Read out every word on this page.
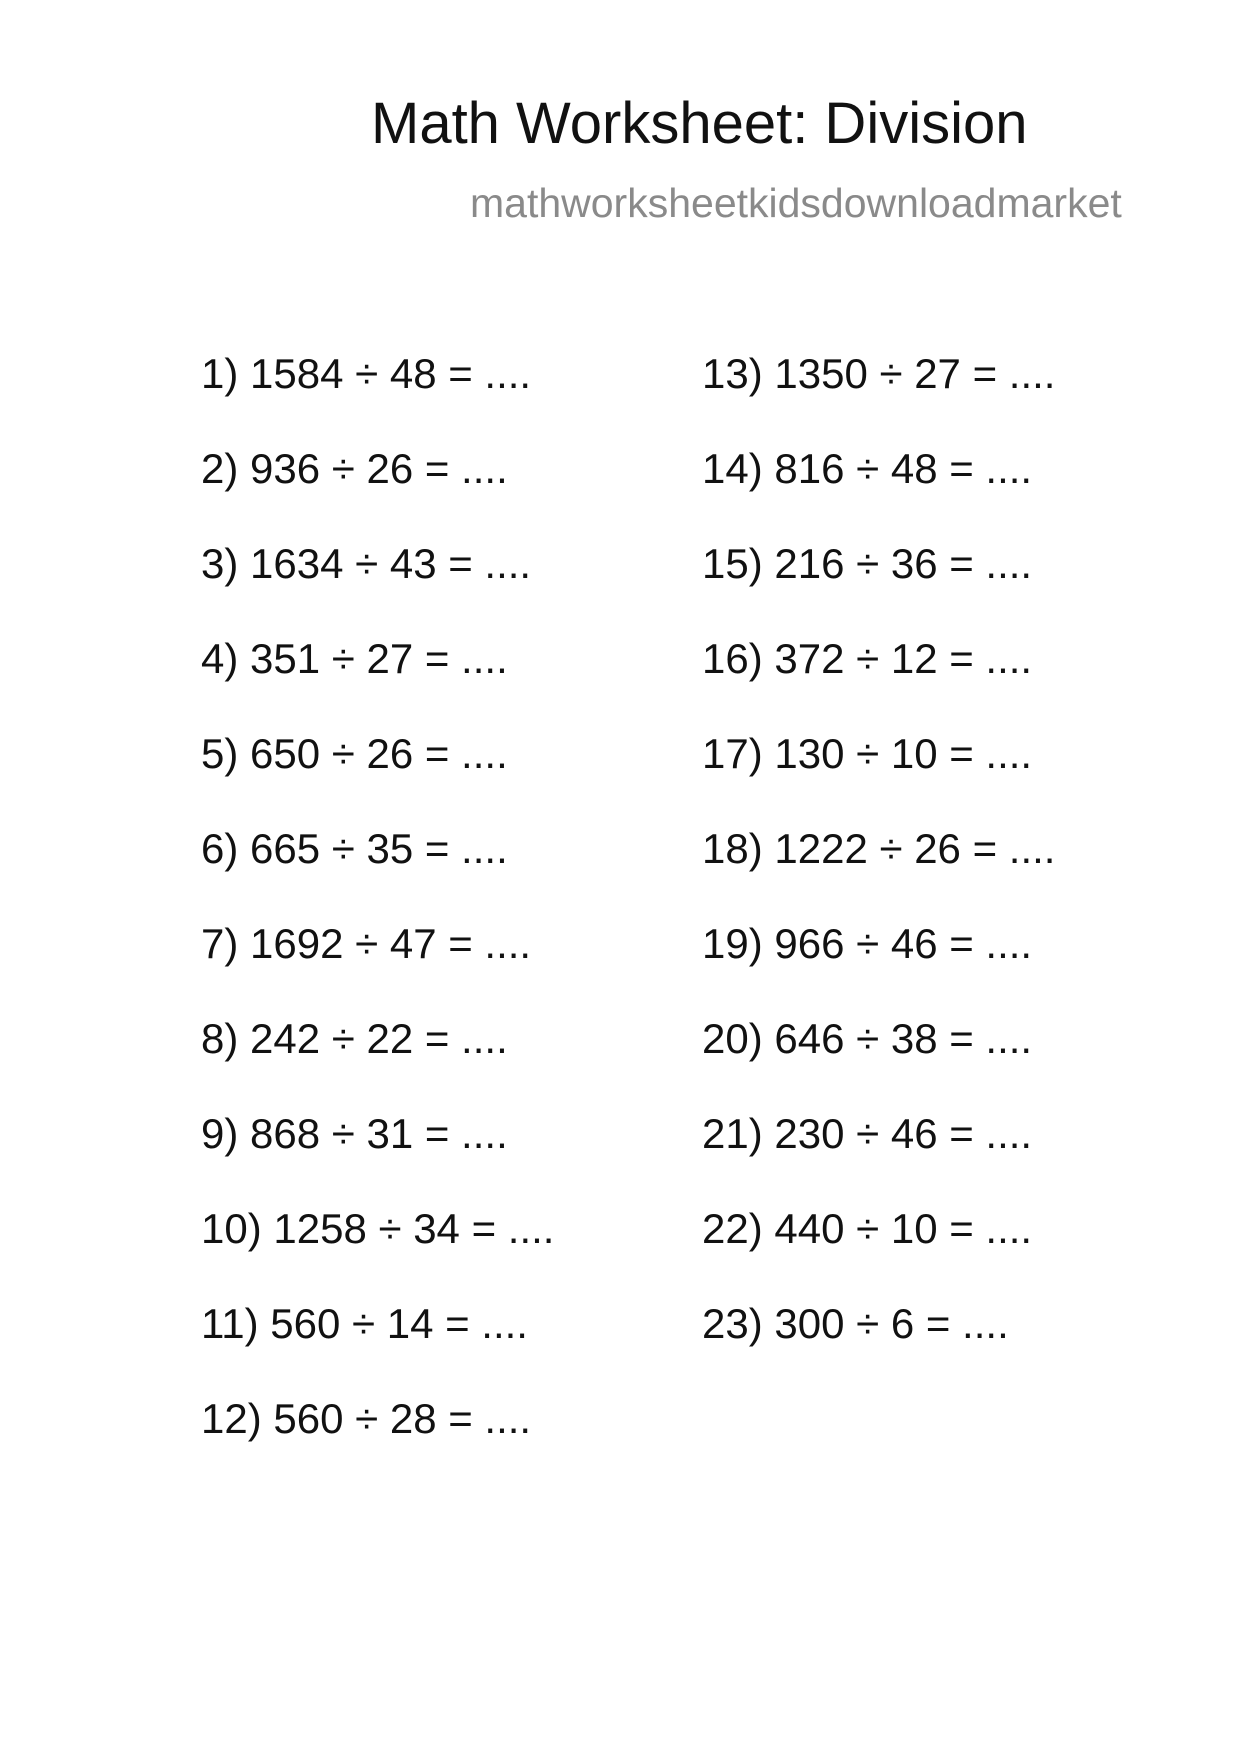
Math Worksheet: Division
mathworksheetkidsdownloadmarket
1) 1584 ÷ 48 = ....
2) 936 ÷ 26 = ....
3) 1634 ÷ 43 = ....
4) 351 ÷ 27 = ....
5) 650 ÷ 26 = ....
6) 665 ÷ 35 = ....
7) 1692 ÷ 47 = ....
8) 242 ÷ 22 = ....
9) 868 ÷ 31 = ....
10) 1258 ÷ 34 = ....
11) 560 ÷ 14 = ....
12) 560 ÷ 28 = ....
13) 1350 ÷ 27 = ....
14) 816 ÷ 48 = ....
15) 216 ÷ 36 = ....
16) 372 ÷ 12 = ....
17) 130 ÷ 10 = ....
18) 1222 ÷ 26 = ....
19) 966 ÷ 46 = ....
20) 646 ÷ 38 = ....
21) 230 ÷ 46 = ....
22) 440 ÷ 10 = ....
23) 300 ÷ 6 = ....
